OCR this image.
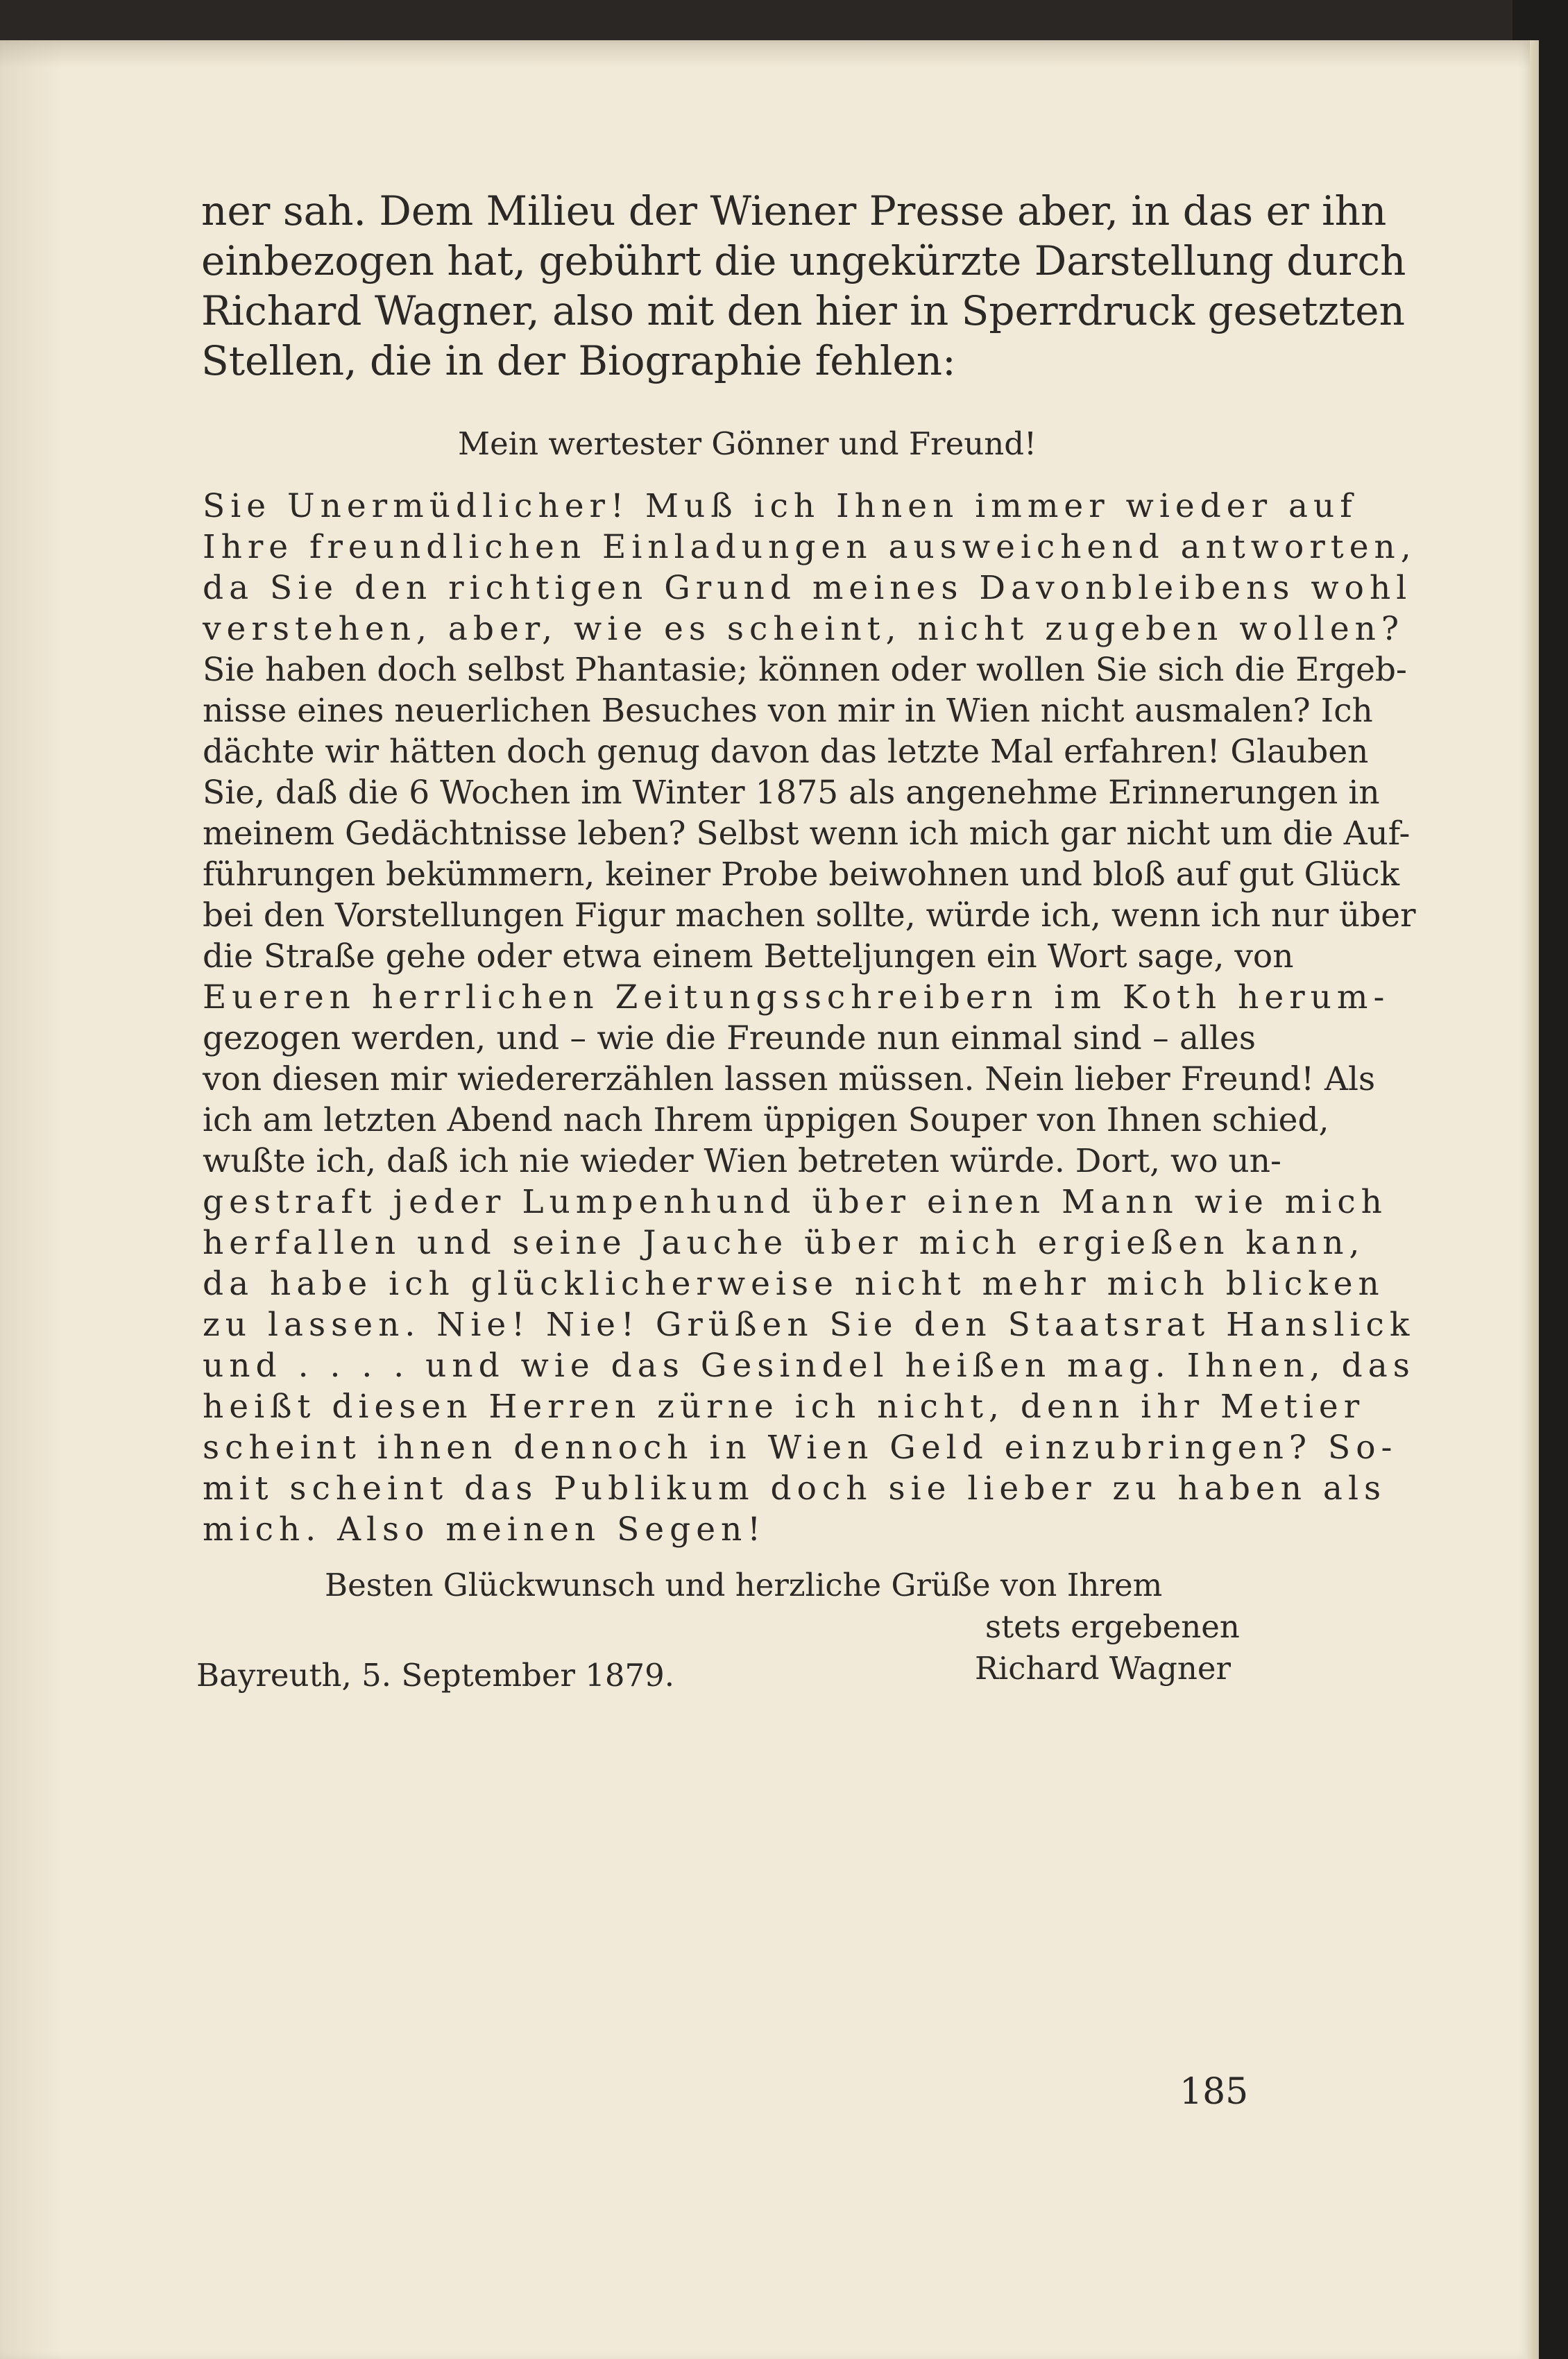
ner sah. Dem Milieu der Wiener Presse aber, in das er ihn
einbezogen hat, gebührt die ungekürzte Darstellung durch
Richard Wagner, also mit den hier in Sperrdruck gesetzten
Stellen, die in der Biographie fehlen:
Mein wertester Gönner und Freund!
Sie Unermüdlicher! Muß ich Ihnen immer wieder auf
Ihre freundlichen Einladungen ausweichend antworten,
da Sie den richtigen Grund meines Davonbleibens wohl
verstehen, aber, wie es scheint, nicht zugeben wollen?
Sie haben doch selbst Phantasie; können oder wollen Sie sich die Ergeb-
nisse eines neuerlichen Besuches von mir in Wien nicht ausmalen? Ich
dächte wir hätten doch genug davon das letzte Mal erfahren! Glauben
Sie, daß die 6 Wochen im Winter 1875 als angenehme Erinnerungen in
meinem Gedächtnisse leben? Selbst wenn ich mich gar nicht um die Auf-
führungen bekümmern, keiner Probe beiwohnen und bloß auf gut Glück
bei den Vorstellungen Figur machen sollte, würde ich, wenn ich nur über
die Straße gehe oder etwa einem Betteljungen ein Wort sage, von
Eueren herrlichen Zeitungsschreibern im Koth herum-
gezogen werden, und – wie die Freunde nun einmal sind – alles
von diesen mir wiedererzählen lassen müssen. Nein lieber Freund! Als
ich am letzten Abend nach Ihrem üppigen Souper von Ihnen schied,
wußte ich, daß ich nie wieder Wien betreten würde. Dort, wo un-
gestraft jeder Lumpenhund über einen Mann wie mich
herfallen und seine Jauche über mich ergießen kann,
da habe ich glücklicherweise nicht mehr mich blicken
zu lassen. Nie! Nie! Grüßen Sie den Staatsrat Hanslick
und . . . . und wie das Gesindel heißen mag. Ihnen, das
heißt diesen Herren zürne ich nicht, denn ihr Metier
scheint ihnen dennoch in Wien Geld einzubringen? So-
mit scheint das Publikum doch sie lieber zu haben als
mich. Also meinen Segen!
Besten Glückwunsch und herzliche Grüße von Ihrem
stets ergebenen
Bayreuth, 5. September 1879.	Richard Wagner
185
